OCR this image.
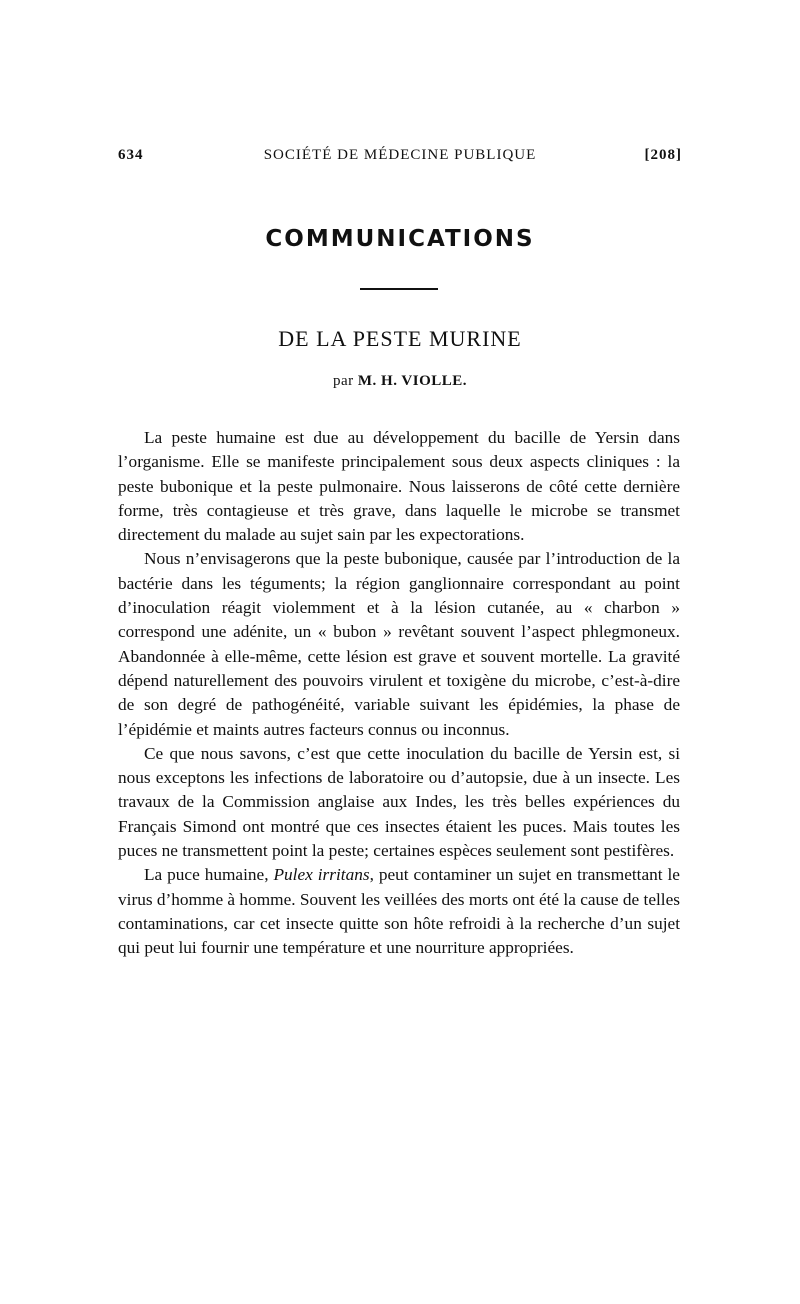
634	SOCIÉTÉ DE MÉDECINE PUBLIQUE	[208]
COMMUNICATIONS
DE LA PESTE MURINE
par M. H. VIOLLE.

La peste humaine est due au développement du bacille de Yersin dans l’organisme. Elle se manifeste principalement sous deux aspects cliniques : la peste bubonique et la peste pulmonaire. Nous laisserons de côté cette dernière forme, très contagieuse et très grave, dans laquelle le microbe se transmet directement du malade au sujet sain par les expectorations.

Nous n’envisagerons que la peste bubonique, causée par l’introduction de la bactérie dans les téguments; la région ganglionnaire correspondant au point d’inoculation réagit violemment et à la lésion cutanée, au « charbon » correspond une adénite, un « bubon » revêtant souvent l’aspect phlegmoneux. Abandonnée à elle-même, cette lésion est grave et souvent mortelle. La gravité dépend naturellement des pouvoirs virulent et toxigène du microbe, c’est-à-dire de son degré de pathogénéité, variable suivant les épidémies, la phase de l’épidémie et maints autres facteurs connus ou inconnus.

Ce que nous savons, c’est que cette inoculation du bacille de Yersin est, si nous exceptons les infections de laboratoire ou d’autopsie, due à un insecte. Les travaux de la Commission anglaise aux Indes, les très belles expériences du Français Simond ont montré que ces insectes étaient les puces. Mais toutes les puces ne transmettent point la peste; certaines espèces seulement sont pestifères.

La puce humaine, Pulex irritans, peut contaminer un sujet en transmettant le virus d’homme à homme. Souvent les veillées des morts ont été la cause de telles contaminations, car cet insecte quitte son hôte refroidi à la recherche d’un sujet qui peut lui fournir une température et une nourriture appropriées.
